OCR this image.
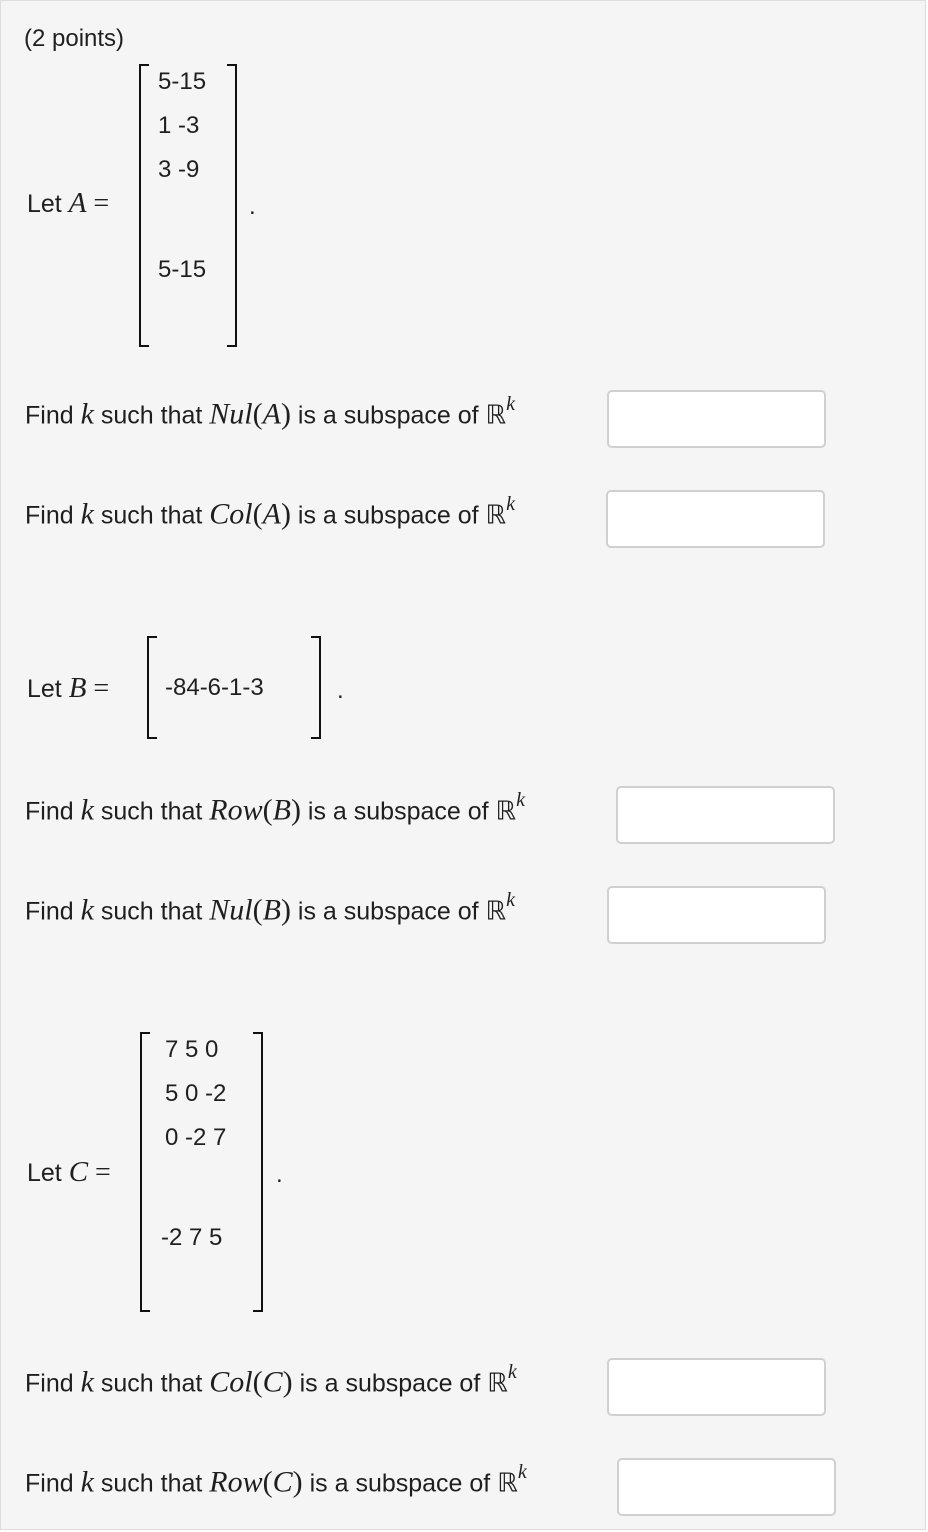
(2 points)
Let A =
5-15
1 -3
3 -9
5-15
.
Find k such that Nul(A) is a subspace of ℝ$^k$
Find k such that Col(A) is a subspace of ℝ$^k$
Let B = -84-6-1-3	.
Find k such that Row(B) is a subspace of ℝ$^k$
Find k such that Nul(B) is a subspace of ℝ$^k$
Let C =
7 5 0
5 0 -2
0 -2 7
-2 7 5
.
Find k such that Col(C) is a subspace of ℝ$^k$
Find k such that Row(C) is a subspace of ℝ$^k$
